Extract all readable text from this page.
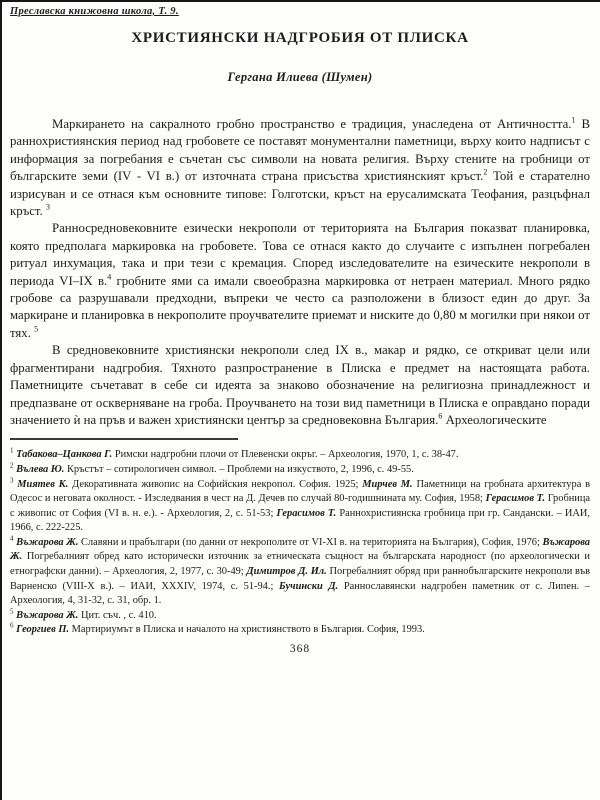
Преславска книжовна школа, Т. 9.
ХРИСТИЯНСКИ НАДГРОБИЯ ОТ ПЛИСКА
Гергана Илиева (Шумен)

Маркирането на сакралното гробно пространство е традиция, унаследена от Античността.$^1$ В раннохристиянския период над гробовете се поставят монументални паметници, върху които надписът с информация за погребания е съчетан със символи на новата религия. Върху стените на гробници от българските земи (IV - VI в.) от източната страна присъства християнският кръст.$^2$ Той е старателно изрисуван и се отнася към основните типове: Голготски, кръст на ерусалимската Теофания, разцъфнал кръст. $^3$

Ранносредновековните езически некрополи от територията на България показват планировка, която предполага маркировка на гробовете. Това се отнася както до случаите с изпълнен погребален ритуал инхумация, така и при тези с кремация. Според изследователите на езическите некрополи в периода VI–IX в.$^4$ гробните ями са имали своеобразна маркировка от нетраен материал. Много рядко гробове са разрушавали предходни, въпреки че често са разположени в близост един до друг. За маркиране и планировка в некрополите проучвателите приемат и ниските до 0,80 м могилки при някои от тях. $^5$

В средновековните християнски некрополи след IX в., макар и рядко, се откриват цели или фрагментирани надгробия. Тяхното разпространение в Плиска е предмет на настоящата работа. Паметниците съчетават в себе си идеята за знаково обозначение на религиозна принадлежност и предпазване от оскверняване на гроба. Проучването на този вид паметници в Плиска е оправдано поради значението ѝ на пръв и важен християнски център за средновековна България.$^6$ Археологическите

$^1$ Табакова–Цанкова Г. Римски надгробни плочи от Плевенски окръг. – Археология, 1970, 1, с. 38-47.

$^2$ Вълева Ю. Кръстът – сотирологичен символ. – Проблеми на изкуството, 2, 1996, с. 49-55.

$^3$ Миятев К. Декоративната живопис на Софийския некропол. София. 1925; Мирчев М. Паметници на гробната архитектура в Одесос и неговата околност. - Изследвания в чест на Д. Дечев по случай 80-годишнината му. София, 1958; Герасимов Т. Гробница с живопис от София (VI в. н. е.). - Археология, 2, с. 51-53; Герасимов Т. Раннохристиянска гробница при гр. Сандански. – ИАИ, 1966, с. 222-225.

$^4$ Въжарова Ж. Славяни и прабългари (по данни от некрополите от VI-XI в. на територията на България), София, 1976; Въжарова Ж. Погребалният обред като исторически източник за етническата същност на българската народност (по археологически и етнографски данни). – Археология, 2, 1977, с. 30-49; Димитров Д. Ил. Погребалният обряд при раннобългарските некрополи във Варненско (VIII-X в.). – ИАИ, XXXIV, 1974, с. 51-94.; Бучински Д. Раннославянски надгробен паметник от с. Липен. – Археология, 4, 31-32, с. 31, обр. 1.

$^5$ Въжарова Ж. Цит. съч. , с. 410.

$^6$ Георгиев П. Мартириумът в Плиска и началото на християнството в България. София, 1993.

368
